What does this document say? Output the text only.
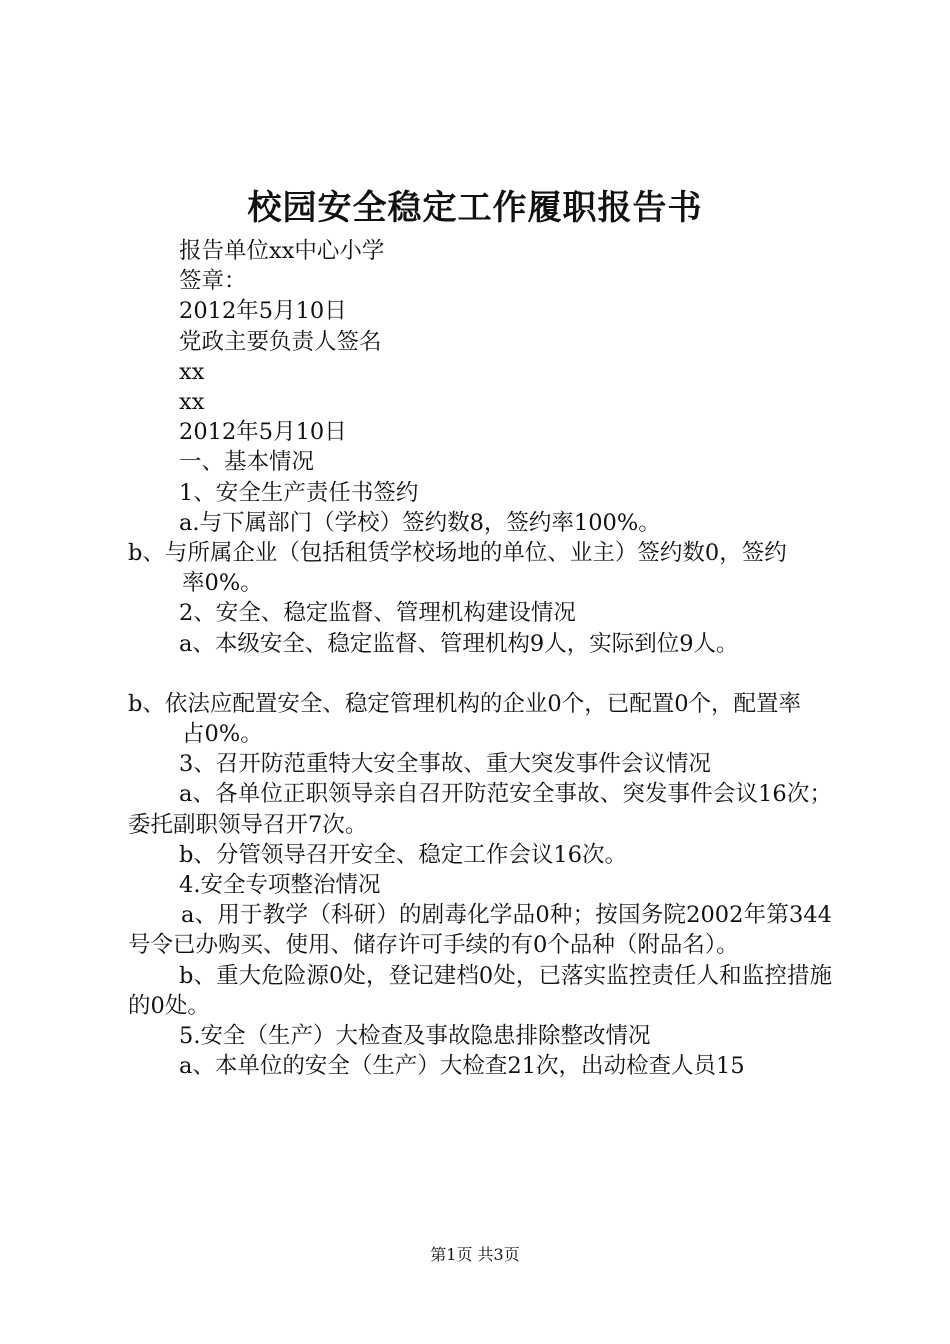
校园安全稳定工作履职报告书

报告单位xx中心小学

签章：

2012年5月10日

党政主要负责人签名

xx

xx

2012年5月10日

一、基本情况

1、安全生产责任书签约

a.与下属部门（学校）签约数8，签约率100%。

b、与所属企业（包括租赁学校场地的单位、业主）签约数0，签约

率0%。

2、安全、稳定监督、管理机构建设情况

a、本级安全、稳定监督、管理机构9人，实际到位9人。

b、依法应配置安全、稳定管理机构的企业0个，已配置0个，配置率

占0%。

3、召开防范重特大安全事故、重大突发事件会议情况

a、各单位正职领导亲自召开防范安全事故、突发事件会议16次；委托副职领导召开7次。

b、分管领导召开安全、稳定工作会议16次。

4.安全专项整治情况

a、用于教学（科研）的剧毒化学品0种；按国务院2002年第344号令已办购买、使用、储存许可手续的有0个品种（附品名）。

b、重大危险源0处，登记建档0处，已落实监控责任人和监控措施的0处。

5.安全（生产）大检查及事故隐患排除整改情况

a、本单位的安全（生产）大检查21次，出动检查人员15

第1页 共3页
